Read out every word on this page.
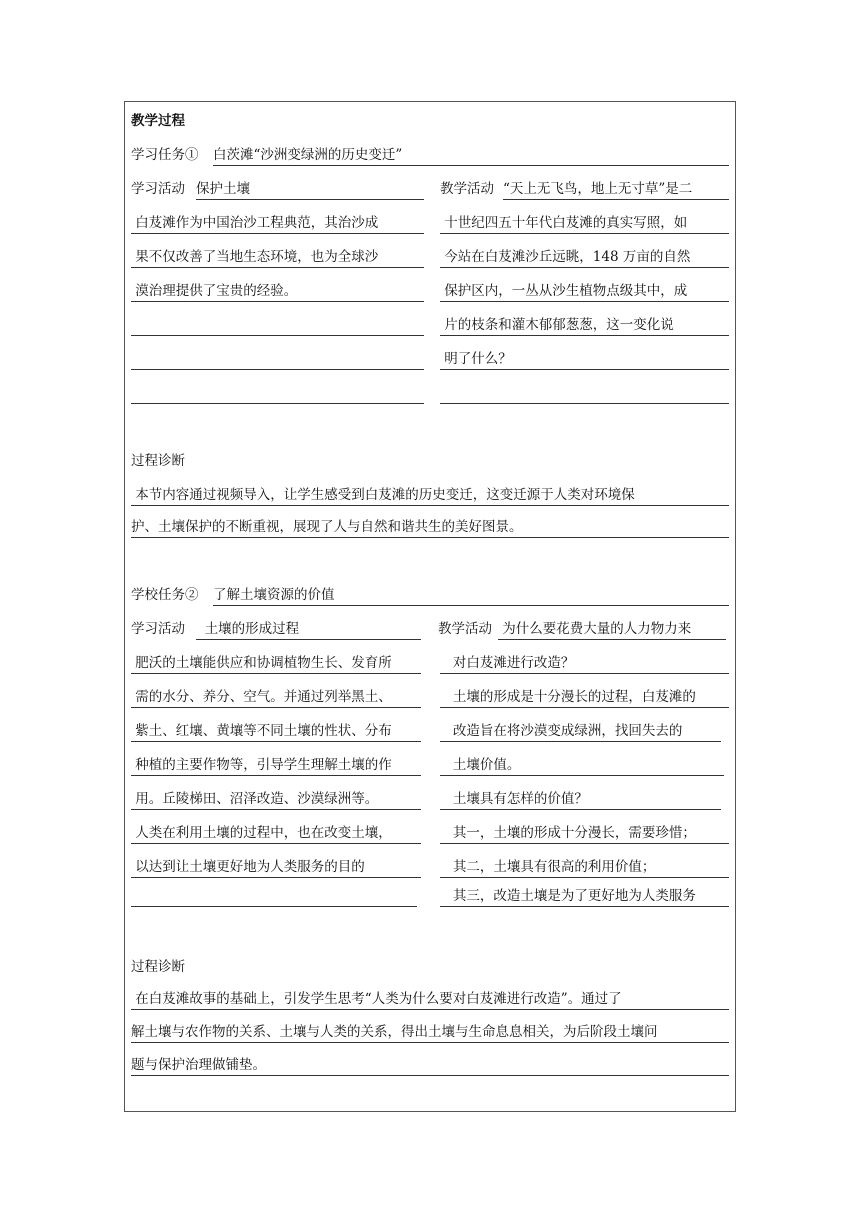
教学过程
学习任务① 白茨滩“沙洲变绿洲的历史变迁”
学习活动 保护土壤
白芨滩作为中国治沙工程典范，其治沙成
果不仅改善了当地生态环境，也为全球沙
漠治理提供了宝贵的经验。
教学活动 “天上无飞鸟，地上无寸草”是二
十世纪四五十年代白芨滩的真实写照，如
今站在白芨滩沙丘远眺，148 万亩的自然
保护区内，一丛从沙生植物点级其中，成
片的枝条和灌木郁郁葱葱，这一变化说
明了什么？
过程诊断
本节内容通过视频导入，让学生感受到白芨滩的历史变迁，这变迁源于人类对环境保
护、土壤保护的不断重视，展现了人与自然和谐共生的美好图景。
学校任务② 了解土壤资源的价值
学习活动	土壤的形成过程
肥沃的土壤能供应和协调植物生长、发育所
需的水分、养分、空气。并通过列举黑土、
紫土、红壤、黄壤等不同土壤的性状、分布
种植的主要作物等，引导学生理解土壤的作
用。丘陵梯田、沼泽改造、沙漠绿洲等。
人类在利用土壤的过程中，也在改变土壤，
以达到让土壤更好地为人类服务的目的
教学活动 为什么要花费大量的人力物力来
对白芨滩进行改造？
土壤的形成是十分漫长的过程，白芨滩的
改造旨在将沙漠变成绿洲，找回失去的
土壤价值。
土壤具有怎样的价值？
其一，土壤的形成十分漫长，需要珍惜；
其二，土壤具有很高的利用价值；
其三，改造土壤是为了更好地为人类服务
过程诊断
在白芨滩故事的基础上，引发学生思考“人类为什么要对白芨滩进行改造”。通过了
解土壤与农作物的关系、土壤与人类的关系，得出土壤与生命息息相关，为后阶段土壤问
题与保护治理做铺垫。
